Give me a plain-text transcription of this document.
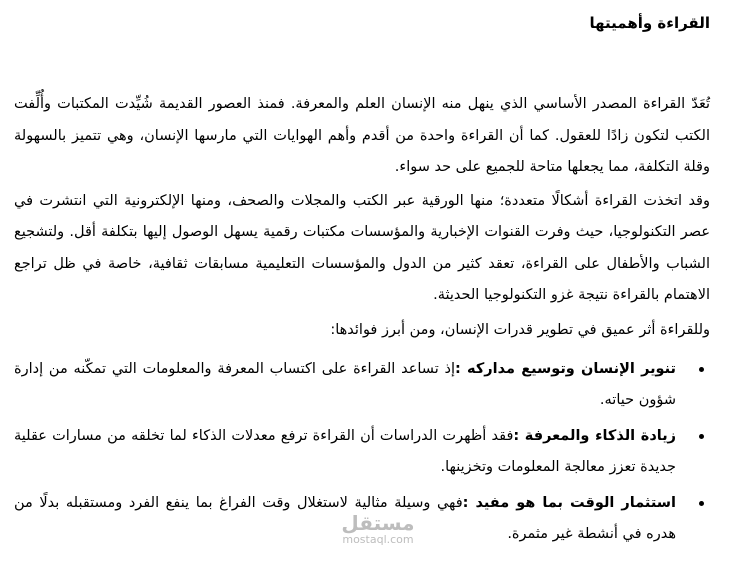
القراءة وأهميتها

تُعَدّ القراءة المصدر الأساسي الذي ينهل منه الإنسان العلم والمعرفة. فمنذ العصور القديمة شُيِّدت المكتبات وأُلِّفت الكتب لتكون زادًا للعقول. كما أن القراءة واحدة من أقدم وأهم الهوايات التي مارسها الإنسان، وهي تتميز بالسهولة وقلة التكلفة، مما يجعلها متاحة للجميع على حد سواء.

وقد اتخذت القراءة أشكالًا متعددة؛ منها الورقية عبر الكتب والمجلات والصحف، ومنها الإلكترونية التي انتشرت في عصر التكنولوجيا، حيث وفرت القنوات الإخبارية والمؤسسات مكتبات رقمية يسهل الوصول إليها بتكلفة أقل. ولتشجيع الشباب والأطفال على القراءة، تعقد كثير من الدول والمؤسسات التعليمية مسابقات ثقافية، خاصة في ظل تراجع الاهتمام بالقراءة نتيجة غزو التكنولوجيا الحديثة.

وللقراءة أثر عميق في تطوير قدرات الإنسان، ومن أبرز فوائدها:

تنوير الإنسان وتوسيع مداركه :إذ تساعد القراءة على اكتساب المعرفة والمعلومات التي تمكّنه من إدارة شؤون حياته.
زيادة الذكاء والمعرفة :فقد أظهرت الدراسات أن القراءة ترفع معدلات الذكاء لما تخلقه من مسارات عقلية جديدة تعزز معالجة المعلومات وتخزينها.
استثمار الوقت بما هو مفيد :فهي وسيلة مثالية لاستغلال وقت الفراغ بما ينفع الفرد ومستقبله بدلًا من هدره في أنشطة غير مثمرة.
مستقل
mostaql.com
